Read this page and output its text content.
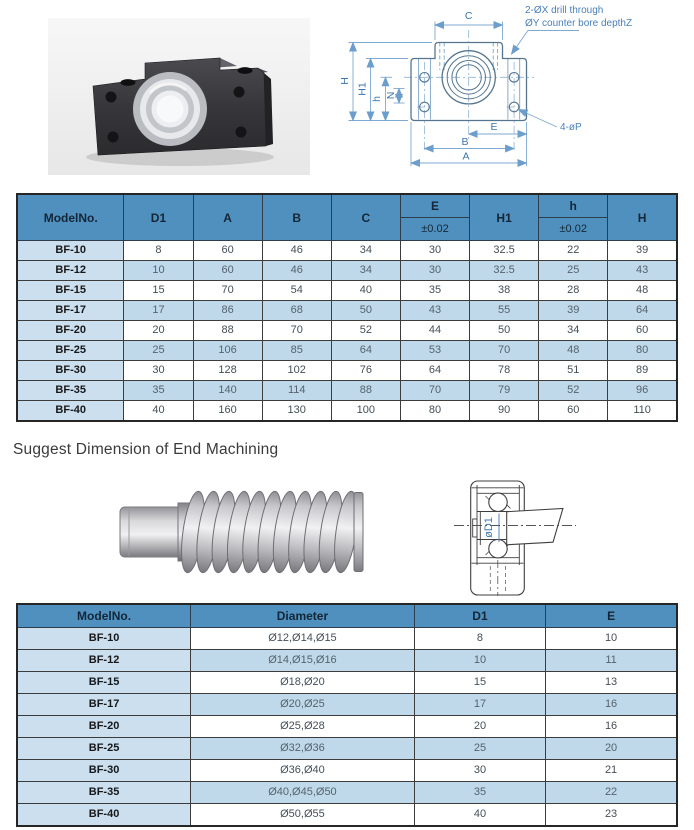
C
H
H1
h N
E
B
A
2-ØX drill through
ØY counter bore depthZ
4-øP
ModelNo.	D1	A	B	C	E	H1	h	H
					±0.02		±0.02	
BF-10	8	60	46	34	30	32.5	22	39
BF-12	10	60	46	34	30	32.5	25	43
BF-15	15	70	54	40	35	38	28	48
BF-17	17	86	68	50	43	55	39	64
BF-20	20	88	70	52	44	50	34	60
BF-25	25	106	85	64	53	70	48	80
BF-30	30	128	102	76	64	78	51	89
BF-35	35	140	114	88	70	79	52	96
BF-40	40	160	130	100	80	90	60	110
Suggest Dimension of End Machining
øD1
ModelNo.	Diameter	D1	E
BF-10	Ø12,Ø14,Ø15	8	10
BF-12	Ø14,Ø15,Ø16	10	11
BF-15	Ø18,Ø20	15	13
BF-17	Ø20,Ø25	17	16
BF-20	Ø25,Ø28	20	16
BF-25	Ø32,Ø36	25	20
BF-30	Ø36,Ø40	30	21
BF-35	Ø40,Ø45,Ø50	35	22
BF-40	Ø50,Ø55	40	23
